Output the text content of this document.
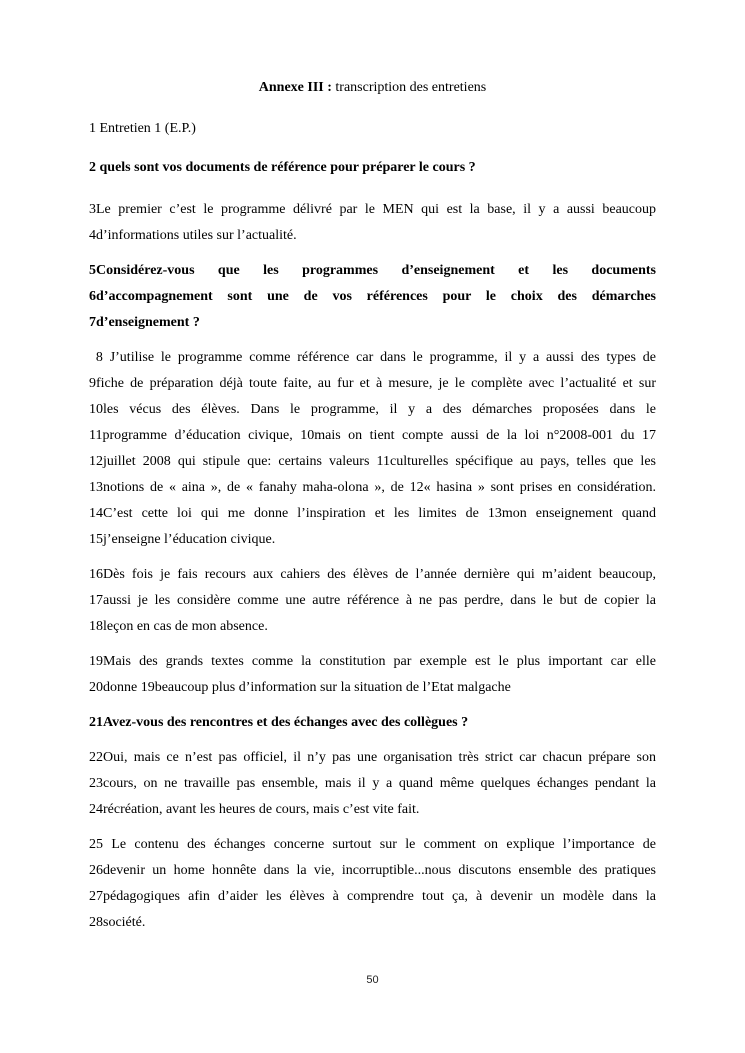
Annexe III : transcription des entretiens
1 Entretien 1 (E.P.)
2 quels sont vos documents de référence pour préparer le cours ?
3Le premier c’est le programme délivré par le MEN qui est la base, il y a aussi beaucoup
4d’informations utiles sur l’actualité.
5Considérez-vous que les programmes d’enseignement et les documents
6d’accompagnement sont une de vos références pour le choix des démarches
7d’enseignement ?
8 J’utilise le programme comme référence car dans le programme, il y a aussi des types de
9fiche de préparation déjà toute faite, au fur et à mesure, je le complète avec l’actualité et sur
10les vécus des élèves. Dans le programme, il y a des démarches proposées dans le
11programme d’éducation civique, 10mais on tient compte aussi de la loi n°2008-001 du 17
12juillet 2008 qui stipule que: certains valeurs 11culturelles spécifique au pays, telles que les
13notions de « aina », de « fanahy maha-olona », de 12« hasina » sont prises en considération.
14C’est cette loi qui me donne l’inspiration et les limites de 13mon enseignement quand
15j’enseigne l’éducation civique.
16Dès fois je fais recours aux cahiers des élèves de l’année dernière qui m’aident beaucoup,
17aussi je les considère comme une autre référence à ne pas perdre, dans le but de copier la
18leçon en cas de mon absence.
19Mais des grands textes comme la constitution par exemple est le plus important car elle
20donne 19beaucoup plus d’information sur la situation de l’Etat malgache
21Avez-vous des rencontres et des échanges avec des collègues ?
22Oui, mais ce n’est pas officiel, il n’y pas une organisation très strict car chacun prépare son
23cours, on ne travaille pas ensemble, mais il y a quand même quelques échanges pendant la
24récréation, avant les heures de cours, mais c’est vite fait.
25 Le contenu des échanges concerne surtout sur le comment on explique l’importance de
26devenir un home honnête dans la vie, incorruptible...nous discutons ensemble des pratiques
27pédagogiques afin d’aider les élèves à comprendre tout ça, à devenir un modèle dans la
28société.
50
